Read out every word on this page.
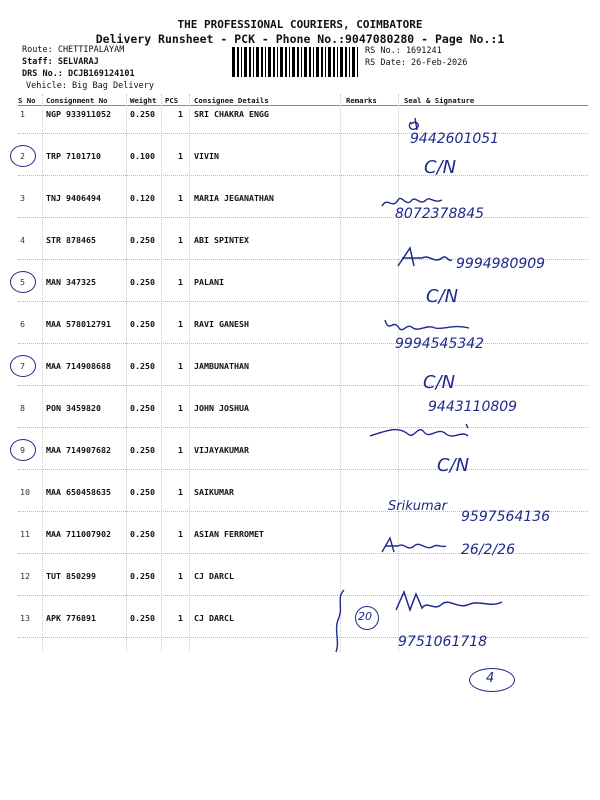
THE PROFESSIONAL COURIERS, COIMBATORE
Delivery Runsheet - PCK - Phone No.:9047080280 - Page No.:1
Route: CHETTIPALAYAM
Staff: SELVARAJ
DRS No.: DCJB169124101
Vehicle: Big Bag Delivery
RS No.: 1691241
RS Date: 26-Feb-2026
S No Consignment No	Weight PCS Consignee Details	Remarks	Seal & Signature
1	NGP 933911052 0.250	1 SRI CHAKRA ENGG
2	TRP 7101710	0.100	1 VIVIN
3	TNJ 9406494	0.120	1 MARIA JEGANATHAN
4	STR 878465	0.250	1 ABI SPINTEX
5	MAN 347325	0.250	1 PALANI
6	MAA 578012791 0.250	1 RAVI GANESH
7	MAA 714908688 0.250	1 JAMBUNATHAN
8	PON 3459820	0.250	1 JOHN JOSHUA
9	MAA 714907682 0.250	1 VIJAYAKUMAR
10 MAA 650458635 0.250	1 SAIKUMAR
11 MAA 711007902 0.250	1 ASIAN FERROMET
12 TUT 850299	0.250	1 CJ DARCL
13 APK 776891	0.250	1 CJ DARCL
9442601051
C/N
8072378845
9994980909
C/N
9994545342
C/N
9443110809
C/N
Srikumar
9597564136
26/2/26
20
9751061718
4
